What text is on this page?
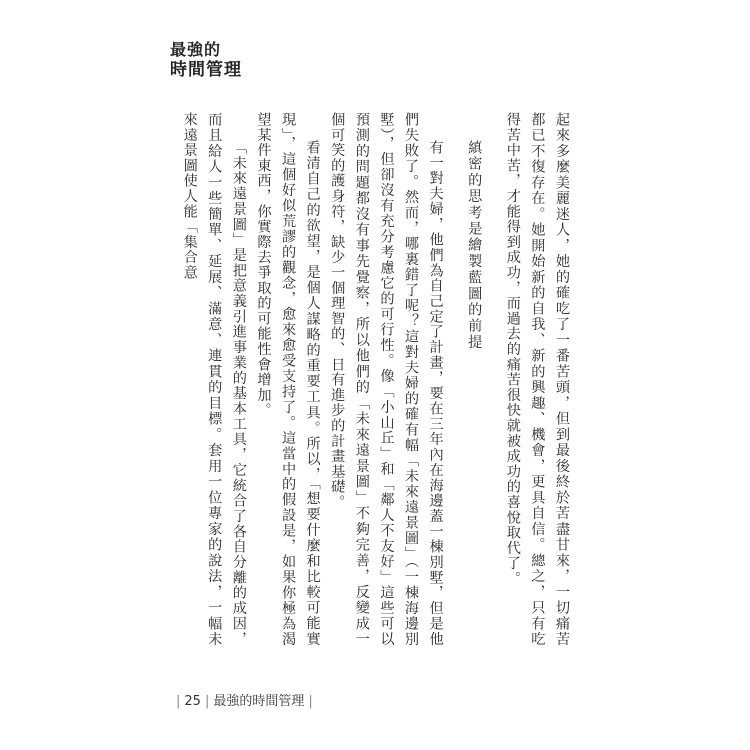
最強的
時間管理

起來多麼美麗迷人，她的確吃了一番苦頭，但到最後終於苦盡甘來，一切痛苦都已不復存在。她開始新的自我、新的興趣、機會，更具自信。總之，只有吃得苦中苦，才能得到成功，而過去的痛苦很快就被成功的喜悅取代了。

縝密的思考是繪製藍圖的前提

有一對夫婦，他們為自己定了計畫，要在三年內在海邊蓋一棟別墅，但是他們失敗了。然而，哪裏錯了呢？這對夫婦的確有幅「未來遠景圖」（一棟海邊別墅），但卻沒有充分考慮它的可行性。像「小山丘」和「鄰人不友好」這些可以預測的問題都沒有事先覺察，所以他們的「未來遠景圖」不夠完善，反變成一個可笑的護身符，缺少一個理智的、日有進步的計畫基礎。

看清自己的欲望，是個人謀略的重要工具。所以，「想要什麼和比較可能實現」，這個好似荒謬的觀念，愈來愈受支持了。這當中的假設是，如果你極為渴望某件東西，你實際去爭取的可能性會增加。

「未來遠景圖」是把意義引進事業的基本工具，它統合了各自分離的成因，而且給人一些簡單、延展、滿意、連貫的目標。套用一位專家的說法，一幅未來遠景圖使人能「集合意

| 25 | 最強的時間管理 |
